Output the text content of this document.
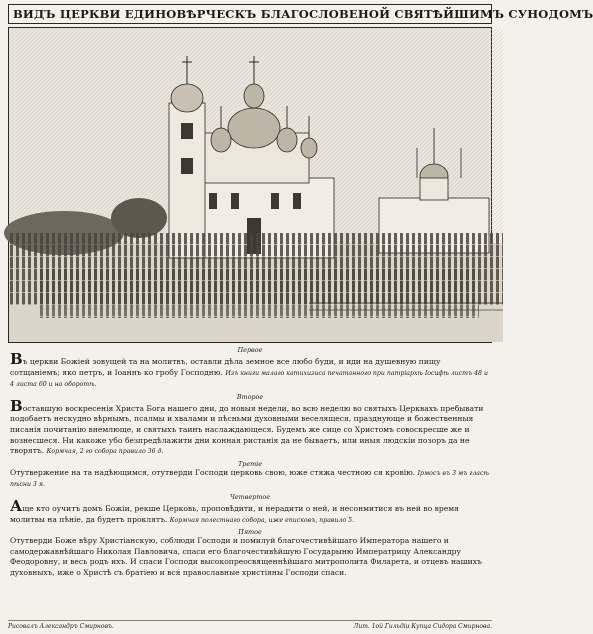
ВИДЪ ЦЕРКВИ ЕДИНОВѢРЧЕСКЪ БЛАГОСЛОВЕНОЙ СВЯТѢЙШИМЪ СУНОДОМЪ

Первое

Въ церкви Божіей зовущей та на молитвъ, оставли дѣла земное все любо буди, и иди на душевную пищу сотщаніемъ; яко петръ, и Іоаннъ ко гробу Господню. Изъ книги малаго катихизиса печатанного при патріархѣ Іосифѣ листъ 48 и 4 листа 60 и на оборотѣ.

Второе

Воставшую воскресенія Христа Бога нашего дни, до новыя недели, во всю неделю во святыхъ Церквахъ пребывати подобаетъ нескудно вѣрнымъ, псалмы и хвалами и пѣсньми духовными веселящеся, празднующе и божественныя писанія почитанію внемлюще, и святыхъ таинъ наслаждающеся. Будемъ же сице со Христомъ совоскресше же и вознесшеся. Ни какоже убо безпредѣлажити дни конная ристанія да не бываетъ, или иныя людскіи позоръ да не творятъ. Кормчая, 2 го собора правило 36 д.

Третіе

Отутвержение на та надѣющимся, отутверди Господи церковь свою, юже стяжа честною ся кровію. Ірмосъ въ 3 мъ гласѣ пѣсни 3 я.

Четвертое

Аще кто оучитъ домъ Божіи, рекше Церковь, проповѣдити, и нерадити о ней, и несонмитися въ ней во время молитвы на пѣніе, да будетъ проклятъ. Кормчая полестнаго собора, иже еписковъ, правило 5.

Пятое

Отутверди Боже вѣру Христіанскую, соблюди Господи и помилуй благочестивѣйшаго Императора нашего и самодержавнѣйшаго Николая Павловича, спаси его благочестивѣйшую Государыню Императрицу Александру Феодоровну, и весь родъ ихъ. И спаси Господи высокопреосвященнѣйшаго митрополита Филарета, и отцевъ нашихъ духовныхъ, иже о Христѣ съ братіею и вся православные христіяны Господи спаси.

Рисовалъ Александръ Смирновъ.	Лит. 1ой Гильдіи Купца Сидора Смирнова.
